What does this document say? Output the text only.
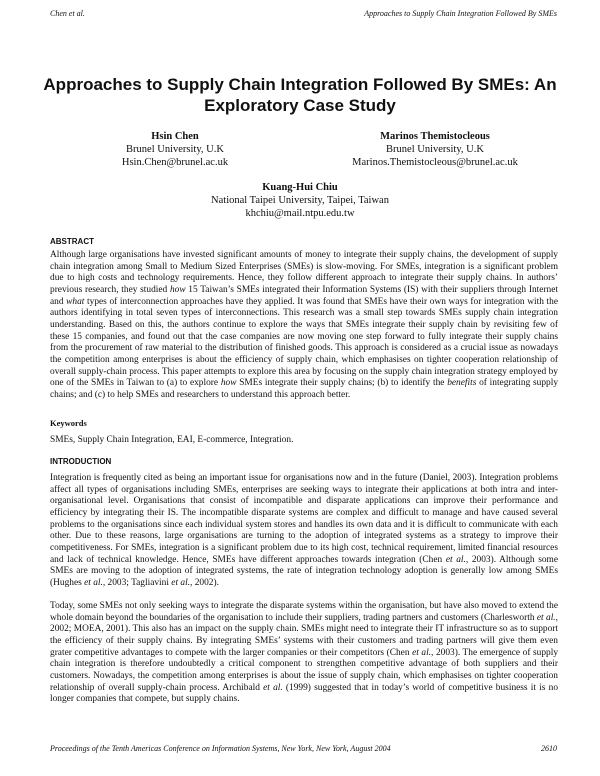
Chen et al.	Approaches to Supply Chain Integration Followed By SMEs
Approaches to Supply Chain Integration Followed By SMEs: An Exploratory Case Study
Hsin Chen
Brunel University, U.K
Hsin.Chen@brunel.ac.uk
Marinos Themistocleous
Brunel University, U.K
Marinos.Themistocleous@brunel.ac.uk
Kuang-Hui Chiu
National Taipei University, Taipei, Taiwan
khchiu@mail.ntpu.edu.tw
ABSTRACT

Although large organisations have invested significant amounts of money to integrate their supply chains, the development of supply chain integration among Small to Medium Sized Enterprises (SMEs) is slow-moving. For SMEs, integration is a significant problem due to high costs and technology requirements. Hence, they follow different approach to integrate their supply chains. In authors’ previous research, they studied how 15 Taiwan’s SMEs integrated their Information Systems (IS) with their suppliers through Internet and what types of interconnection approaches have they applied. It was found that SMEs have their own ways for integration with the authors identifying in total seven types of interconnections. This research was a small step towards SMEs supply chain integration understanding. Based on this, the authors continue to explore the ways that SMEs integrate their supply chain by revisiting few of these 15 companies, and found out that the case companies are now moving one step forward to fully integrate their supply chains from the procurement of raw material to the distribution of finished goods. This approach is considered as a crucial issue as nowadays the competition among enterprises is about the efficiency of supply chain, which emphasises on tighter cooperation relationship of overall supply-chain process. This paper attempts to explore this area by focusing on the supply chain integration strategy employed by one of the SMEs in Taiwan to (a) to explore how SMEs integrate their supply chains; (b) to identify the benefits of integrating supply chains; and (c) to help SMEs and researchers to understand this approach better.

Keywords
SMEs, Supply Chain Integration, EAI, E-commerce, Integration.
INTRODUCTION

Integration is frequently cited as being an important issue for organisations now and in the future (Daniel, 2003). Integration problems affect all types of organisations including SMEs, enterprises are seeking ways to integrate their applications at both intra and inter-organisational level. Organisations that consist of incompatible and disparate applications can improve their performance and efficiency by integrating their IS. The incompatible disparate systems are complex and difficult to manage and have caused several problems to the organisations since each individual system stores and handles its own data and it is difficult to communicate with each other. Due to these reasons, large organisations are turning to the adoption of integrated systems as a strategy to improve their competitiveness. For SMEs, integration is a significant problem due to its high cost, technical requirement, limited financial resources and lack of technical knowledge. Hence, SMEs have different approaches towards integration (Chen et al., 2003). Although some SMEs are moving to the adoption of integrated systems, the rate of integration technology adoption is generally low among SMEs (Hughes et al., 2003; Tagliavini et al., 2002).

Today, some SMEs not only seeking ways to integrate the disparate systems within the organisation, but have also moved to extend the whole domain beyond the boundaries of the organisation to include their suppliers, trading partners and customers (Charlesworth et al., 2002; MOEA, 2001). This also has an impact on the supply chain. SMEs might need to integrate their IT infrastructure so as to support the efficiency of their supply chains. By integrating SMEs’ systems with their customers and trading partners will give them even grater competitive advantages to compete with the larger companies or their competitors (Chen et al., 2003). The emergence of supply chain integration is therefore undoubtedly a critical component to strengthen competitive advantage of both suppliers and their customers. Nowadays, the competition among enterprises is about the issue of supply chain, which emphasises on tighter cooperation relationship of overall supply-chain process. Archibald et al. (1999) suggested that in today’s world of competitive business it is no longer companies that compete, but supply chains.

Proceedings of the Tenth Americas Conference on Information Systems, New York, New York, August 2004	2610
